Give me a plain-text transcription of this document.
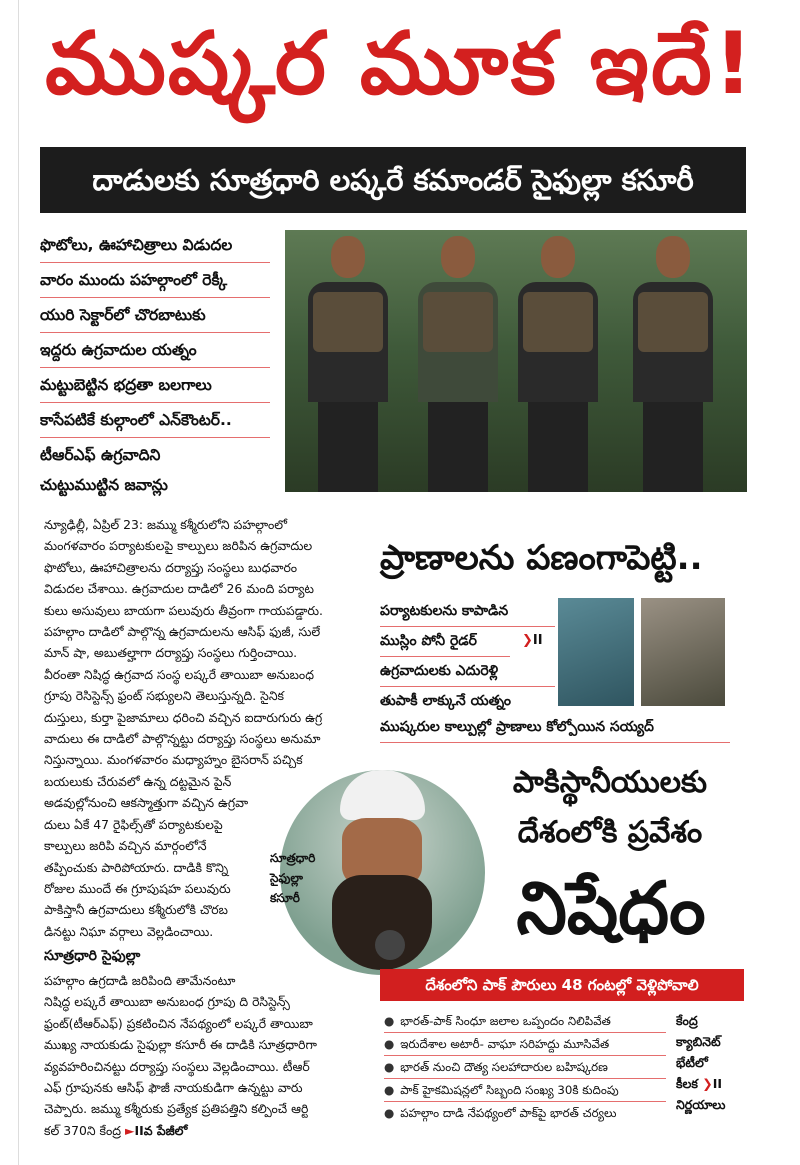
ముష్కర మూక ఇదే!
దాడులకు సూత్రధారి లష్కరే కమాండర్ సైఫుల్లా కసూరీ
ఫొటోలు, ఊహాచిత్రాలు విడుదల
వారం ముందు పహల్గాంలో రెక్కీ
యురి సెక్టార్‌లో చొరబాటుకు
ఇద్దరు ఉగ్రవాదుల యత్నం
మట్టుబెట్టిన భద్రతా బలగాలు
కాసేపటికే కుల్గాంలో ఎన్‌కౌంటర్..
టీఆర్‌ఎఫ్ ఉగ్రవాదిని
చుట్టుముట్టిన జవాన్లు

న్యూఢిల్లీ, ఏప్రిల్ 23: జమ్ము కశ్మీరులోని పహల్గాంలో

మంగళవారం పర్యాటకులపై కాల్పులు జరిపిన ఉగ్రవాదుల

ఫొటోలు, ఊహాచిత్రాలను దర్యాప్తు సంస్థలు బుధవారం

విడుదల చేశాయి. ఉగ్రవాదుల దాడిలో 26 మంది పర్యాట

కులు అసువులు బాయగా పలువురు తీవ్రంగా గాయపడ్డారు.

పహల్గాం దాడిలో పాల్గొన్న ఉగ్రవాదులను ఆసిఫ్ ఫుజీ, సులే

మాన్ షా, అబుతల్హాగా దర్యాప్తు సంస్థలు గుర్తించాయి.

వీరంతా నిషిద్ధ ఉగ్రవాద సంస్థ లష్కరే తాయిబా అనుబంధ

గ్రూపు రెసిస్టెన్స్ ఫ్రంట్ సభ్యులని తెలుస్తున్నది. సైనిక

దుస్తులు, కుర్తా పైజామాలు ధరించి వచ్చిన ఐదారుగురు ఉగ్ర

వాదులు ఈ దాడిలో పాల్గొన్నట్టు దర్యాప్తు సంస్థలు అనుమా

నిస్తున్నాయి. మంగళవారం మధ్యాహ్నం బైసరాన్ పచ్చిక

బయలుకు చేరువలో ఉన్న దట్టమైన పైన్

అడవుల్లోనుంచి ఆకస్మాత్తుగా వచ్చిన ఉగ్రవా

దులు ఏకే 47 రైఫిల్స్‌తో పర్యాటకులపై

కాల్పులు జరిపి వచ్చిన మార్గంలోనే

తప్పించుకు పారిపోయారు. దాడికి కొన్ని

రోజుల ముందే ఈ గ్రూపుషహ పలువురు

పాకిస్తానీ ఉగ్రవాదులు కశ్మీరులోకి చొరబ

డినట్టు నిఘా వర్గాలు వెల్లడించాయి.

సూత్రధారి సైఫుల్లా

పహల్గాం ఉగ్రదాడి జరిపింది తామేనంటూ

నిషిద్ధ లష్కరే తాయిబా అనుబంధ గ్రూపు ది రెసిస్టెన్స్

ఫ్రంట్(టీఆర్‌ఎఫ్) ప్రకటించిన నేపథ్యంలో లష్కరే తాయిబా

ముఖ్య నాయకుడు సైఫుల్లా కసూరీ ఈ దాడికి సూత్రధారిగా

వ్యవహరించినట్టు దర్యాప్తు సంస్థలు వెల్లడించాయి. టీఆర్

ఎఫ్ గ్రూపునకు ఆసిఫ్ ఫౌజీ నాయకుడిగా ఉన్నట్టు వారు

చెప్పారు. జమ్ము కశ్మీరుకు ప్రత్యేక ప్రతిపత్తిని కల్పించే ఆర్టి

కల్ 370ని కేంద్ర ►IIవ పేజీలో

ప్రాణాలను పణంగాపెట్టి..
పర్యాటకులను కాపాడిన
ముస్లిం పోనీ రైడర్	❯II
ఉగ్రవాదులకు ఎదురెళ్లి
తుపాకీ లాక్కునే యత్నం
ముష్కరుల కాల్పుల్లో ప్రాణాలు కోల్పోయిన సయ్యద్
పాకిస్థానీయులకు
దేశంలోకి ప్రవేశం
నిషేధం
సూత్రధారి
సైఫుల్లా
కసూరీ
దేశంలోని పాక్ పౌరులు 48 గంటల్లో వెళ్లిపోవాలి
● భారత్-పాక్ సింధూ జలాల ఒప్పందం నిలిపివేత
● ఇరుదేశాల అటారీ- వాఘా సరిహద్దు మూసివేత
● భారత్ నుంచి దౌత్య సలహాదారుల బహిష్కరణ
● పాక్ హైకమిషన్లలో సిబ్బంది సంఖ్య 30కి కుదింపు
● పహల్గాం దాడి నేపథ్యంలో పాక్‌పై భారత్ చర్యలు
కేంద్ర
క్యాబినెట్
భేటీలో
కీలక ❯II
నిర్ణయాలు
